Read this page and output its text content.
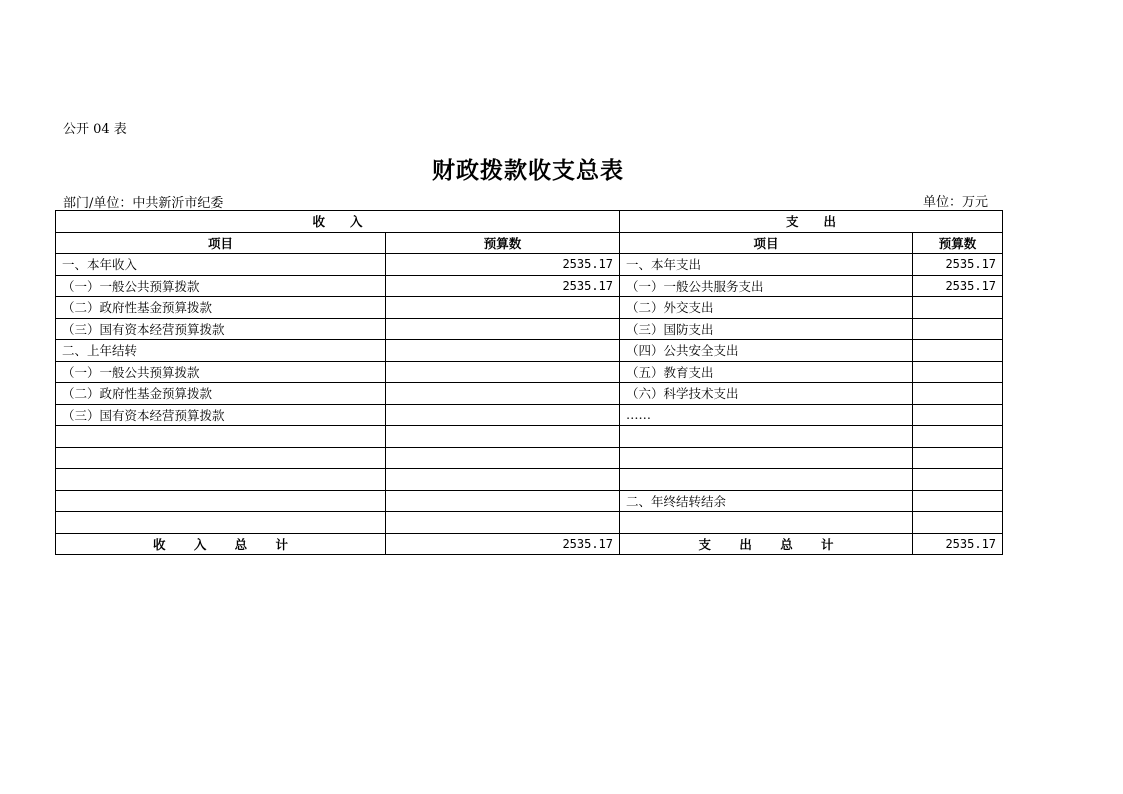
公开 04 表
财政拨款收支总表
部门/单位：中共新沂市纪委	单位：万元
收　　入		支　　出	
项目	预算数	项目	预算数
一、本年收入	2535.17	一、本年支出	2535.17
（一）一般公共预算拨款	2535.17	（一）一般公共服务支出	2535.17
（二）政府性基金预算拨款		（二）外交支出	
（三）国有资本经营预算拨款		（三）国防支出	
二、上年结转		（四）公共安全支出	
（一）一般公共预算拨款		（五）教育支出	
（二）政府性基金预算拨款		（六）科学技术支出	
（三）国有资本经营预算拨款		……	

		二、年终结转结余	

收 入 总 计	2535.17	支 出 总 计	2535.17
